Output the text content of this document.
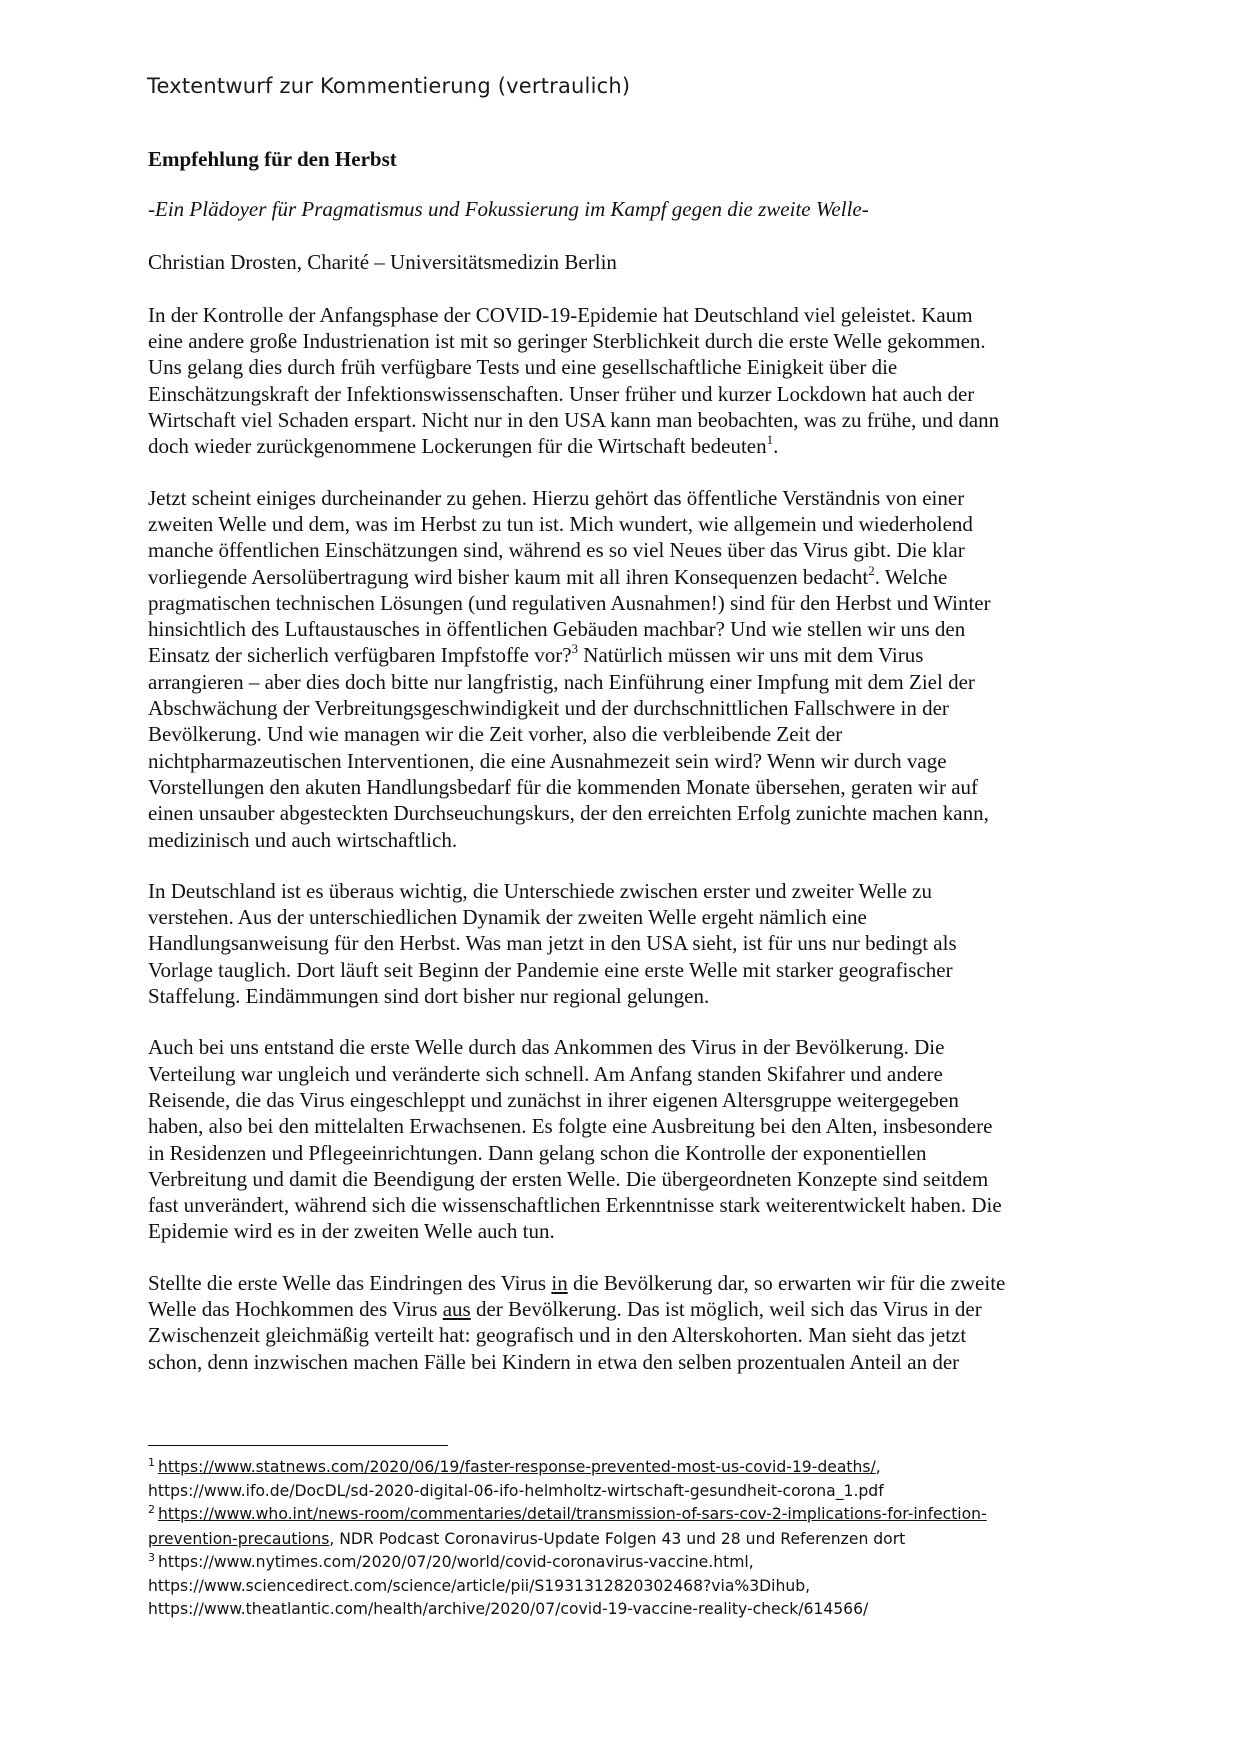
Textentwurf zur Kommentierung (vertraulich)
Empfehlung für den Herbst
-Ein Plädoyer für Pragmatismus und Fokussierung im Kampf gegen die zweite Welle-
Christian Drosten, Charité – Universitätsmedizin Berlin
In der Kontrolle der Anfangsphase der COVID-19-Epidemie hat Deutschland viel geleistet. Kaum
eine andere große Industrienation ist mit so geringer Sterblichkeit durch die erste Welle gekommen.
Uns gelang dies durch früh verfügbare Tests und eine gesellschaftliche Einigkeit über die
Einschätzungskraft der Infektionswissenschaften. Unser früher und kurzer Lockdown hat auch der
Wirtschaft viel Schaden erspart. Nicht nur in den USA kann man beobachten, was zu frühe, und dann
doch wieder zurückgenommene Lockerungen für die Wirtschaft bedeuten$^1$.
Jetzt scheint einiges durcheinander zu gehen. Hierzu gehört das öffentliche Verständnis von einer
zweiten Welle und dem, was im Herbst zu tun ist. Mich wundert, wie allgemein und wiederholend
manche öffentlichen Einschätzungen sind, während es so viel Neues über das Virus gibt. Die klar
vorliegende Aersolübertragung wird bisher kaum mit all ihren Konsequenzen bedacht$^2$. Welche
pragmatischen technischen Lösungen (und regulativen Ausnahmen!) sind für den Herbst und Winter
hinsichtlich des Luftaustausches in öffentlichen Gebäuden machbar? Und wie stellen wir uns den
Einsatz der sicherlich verfügbaren Impfstoffe vor?$^3$ Natürlich müssen wir uns mit dem Virus
arrangieren – aber dies doch bitte nur langfristig, nach Einführung einer Impfung mit dem Ziel der
Abschwächung der Verbreitungsgeschwindigkeit und der durchschnittlichen Fallschwere in der
Bevölkerung. Und wie managen wir die Zeit vorher, also die verbleibende Zeit der
nichtpharmazeutischen Interventionen, die eine Ausnahmezeit sein wird? Wenn wir durch vage
Vorstellungen den akuten Handlungsbedarf für die kommenden Monate übersehen, geraten wir auf
einen unsauber abgesteckten Durchseuchungskurs, der den erreichten Erfolg zunichte machen kann,
medizinisch und auch wirtschaftlich.
In Deutschland ist es überaus wichtig, die Unterschiede zwischen erster und zweiter Welle zu
verstehen. Aus der unterschiedlichen Dynamik der zweiten Welle ergeht nämlich eine
Handlungsanweisung für den Herbst. Was man jetzt in den USA sieht, ist für uns nur bedingt als
Vorlage tauglich. Dort läuft seit Beginn der Pandemie eine erste Welle mit starker geografischer
Staffelung. Eindämmungen sind dort bisher nur regional gelungen.
Auch bei uns entstand die erste Welle durch das Ankommen des Virus in der Bevölkerung. Die
Verteilung war ungleich und veränderte sich schnell. Am Anfang standen Skifahrer und andere
Reisende, die das Virus eingeschleppt und zunächst in ihrer eigenen Altersgruppe weitergegeben
haben, also bei den mittelalten Erwachsenen. Es folgte eine Ausbreitung bei den Alten, insbesondere
in Residenzen und Pflegeeinrichtungen. Dann gelang schon die Kontrolle der exponentiellen
Verbreitung und damit die Beendigung der ersten Welle. Die übergeordneten Konzepte sind seitdem
fast unverändert, während sich die wissenschaftlichen Erkenntnisse stark weiterentwickelt haben. Die
Epidemie wird es in der zweiten Welle auch tun.
Stellte die erste Welle das Eindringen des Virus in die Bevölkerung dar, so erwarten wir für die zweite
Welle das Hochkommen des Virus aus der Bevölkerung. Das ist möglich, weil sich das Virus in der
Zwischenzeit gleichmäßig verteilt hat: geografisch und in den Alterskohorten. Man sieht das jetzt
schon, denn inzwischen machen Fälle bei Kindern in etwa den selben prozentualen Anteil an der
$^1$ https://www.statnews.com/2020/06/19/faster-response-prevented-most-us-covid-19-deaths/,
https://www.ifo.de/DocDL/sd-2020-digital-06-ifo-helmholtz-wirtschaft-gesundheit-corona_1.pdf
$^2$ https://www.who.int/news-room/commentaries/detail/transmission-of-sars-cov-2-implications-for-infection-
prevention-precautions, NDR Podcast Coronavirus-Update Folgen 43 und 28 und Referenzen dort
$^3$ https://www.nytimes.com/2020/07/20/world/covid-coronavirus-vaccine.html,
https://www.sciencedirect.com/science/article/pii/S1931312820302468?via%3Dihub,
https://www.theatlantic.com/health/archive/2020/07/covid-19-vaccine-reality-check/614566/
